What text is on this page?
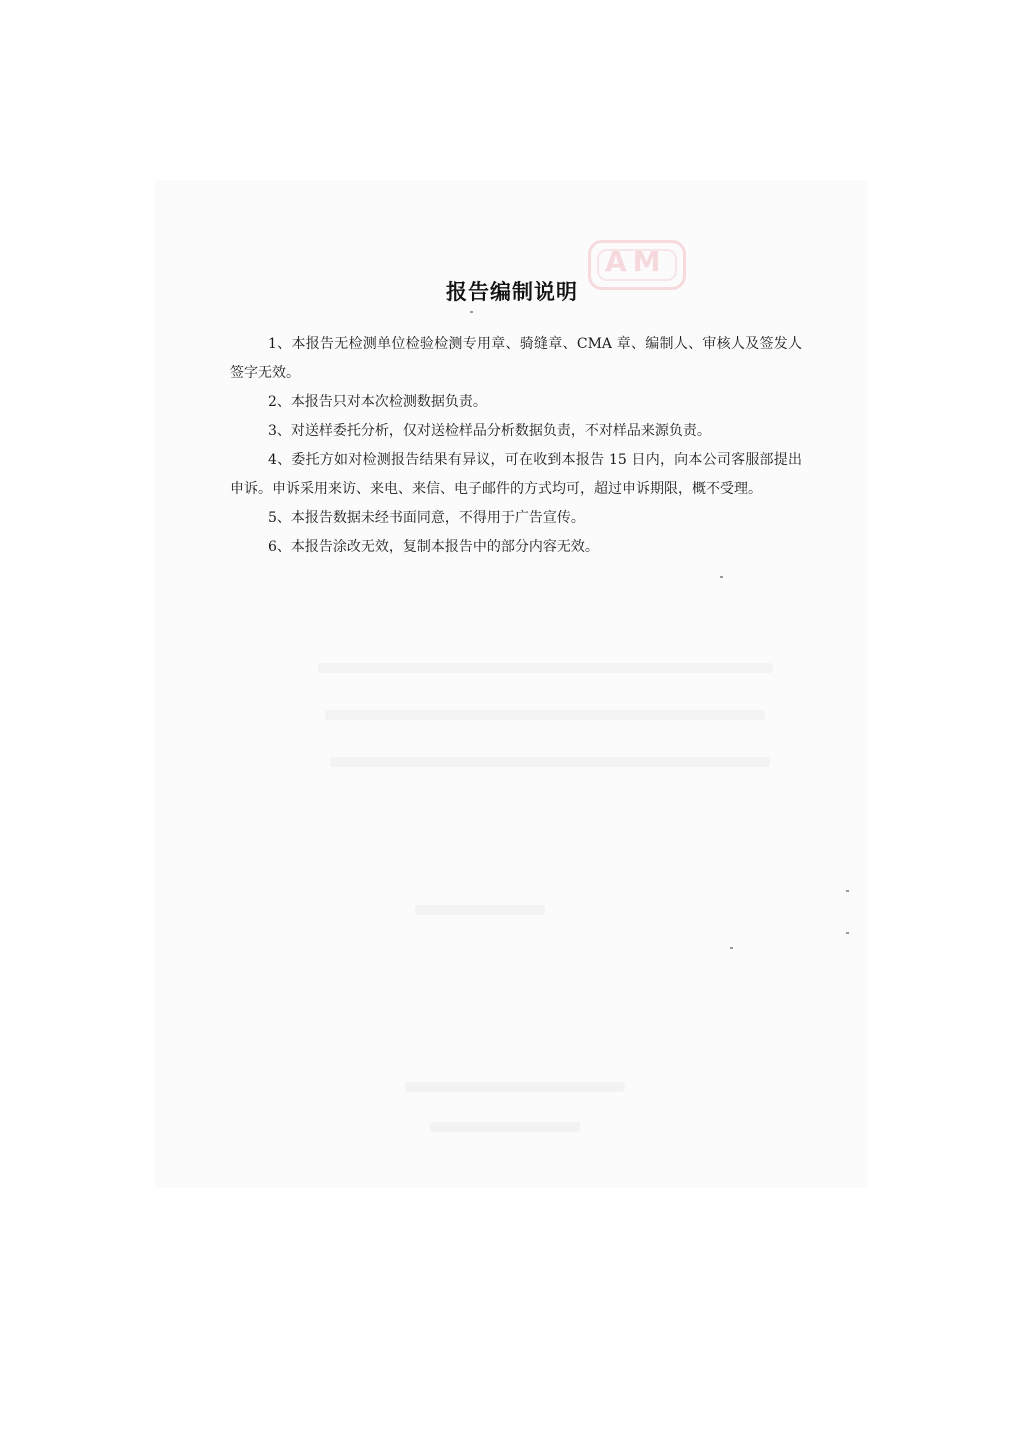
AM
报告编制说明

1、本报告无检测单位检验检测专用章、骑缝章、CMA 章、编制人、审核人及签发人签字无效。

2、本报告只对本次检测数据负责。

3、对送样委托分析，仅对送检样品分析数据负责，不对样品来源负责。

4、委托方如对检测报告结果有异议，可在收到本报告 15 日内，向本公司客服部提出申诉。申诉采用来访、来电、来信、电子邮件的方式均可，超过申诉期限，概不受理。

5、本报告数据未经书面同意，不得用于广告宣传。

6、本报告涂改无效，复制本报告中的部分内容无效。
